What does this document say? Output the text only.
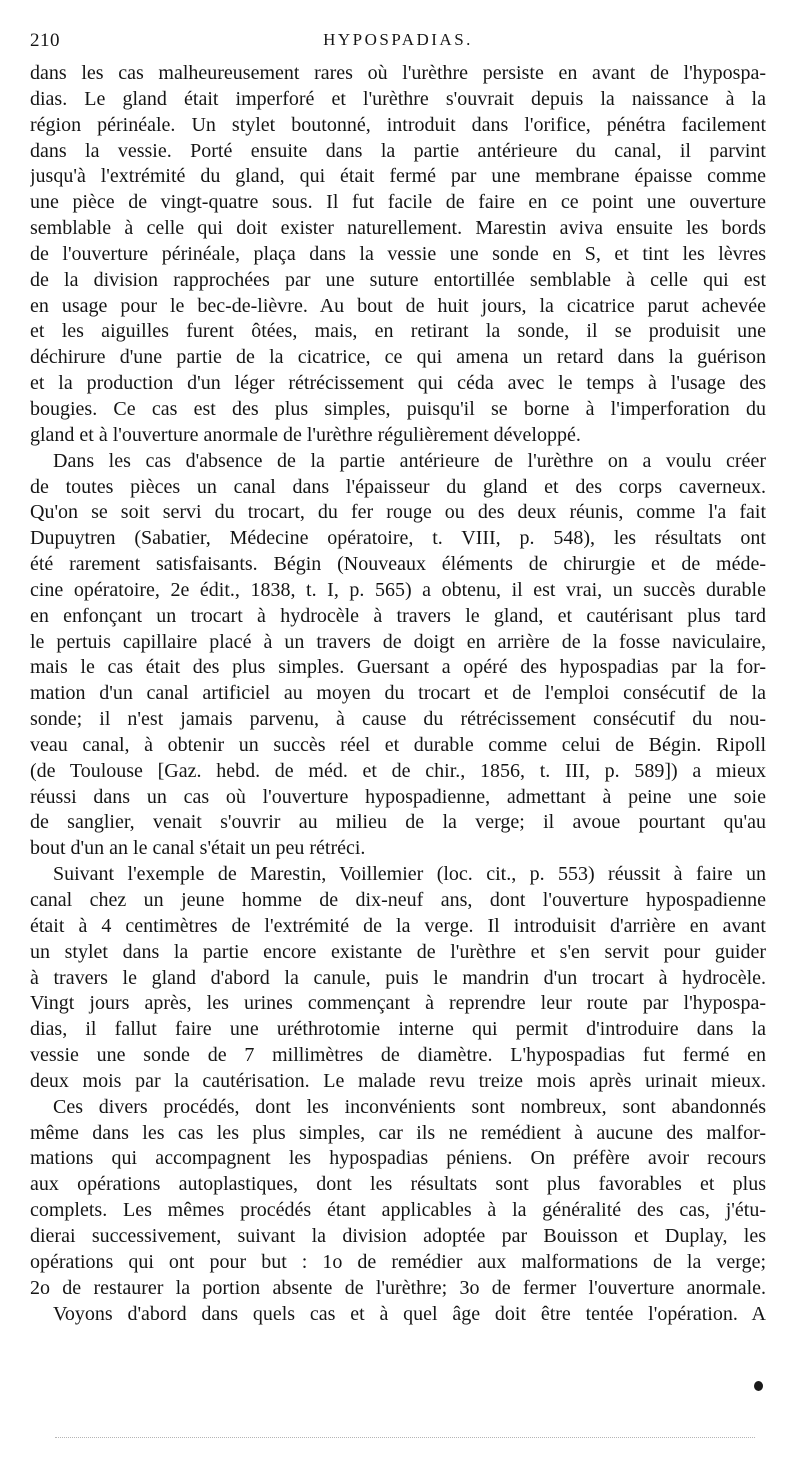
210	HYPOSPADIAS.
dans les cas malheureusement rares où l'urèthre persiste en avant de l'hypospa-
dias. Le gland était imperforé et l'urèthre s'ouvrait depuis la naissance à la
région périnéale. Un stylet boutonné, introduit dans l'orifice, pénétra facilement
dans la vessie. Porté ensuite dans la partie antérieure du canal, il parvint
jusqu'à l'extrémité du gland, qui était fermé par une membrane épaisse comme
une pièce de vingt-quatre sous. Il fut facile de faire en ce point une ouverture
semblable à celle qui doit exister naturellement. Marestin aviva ensuite les bords
de l'ouverture périnéale, plaça dans la vessie une sonde en S, et tint les lèvres
de la division rapprochées par une suture entortillée semblable à celle qui est
en usage pour le bec-de-lièvre. Au bout de huit jours, la cicatrice parut achevée
et les aiguilles furent ôtées, mais, en retirant la sonde, il se produisit une
déchirure d'une partie de la cicatrice, ce qui amena un retard dans la guérison
et la production d'un léger rétrécissement qui céda avec le temps à l'usage des
bougies. Ce cas est des plus simples, puisqu'il se borne à l'imperforation du
gland et à l'ouverture anormale de l'urèthre régulièrement développé.
Dans les cas d'absence de la partie antérieure de l'urèthre on a voulu créer
de toutes pièces un canal dans l'épaisseur du gland et des corps caverneux.
Qu'on se soit servi du trocart, du fer rouge ou des deux réunis, comme l'a fait
Dupuytren (Sabatier, Médecine opératoire, t. VIII, p. 548), les résultats ont
été rarement satisfaisants. Bégin (Nouveaux éléments de chirurgie et de méde-
cine opératoire, 2e édit., 1838, t. I, p. 565) a obtenu, il est vrai, un succès durable
en enfonçant un trocart à hydrocèle à travers le gland, et cautérisant plus tard
le pertuis capillaire placé à un travers de doigt en arrière de la fosse naviculaire,
mais le cas était des plus simples. Guersant a opéré des hypospadias par la for-
mation d'un canal artificiel au moyen du trocart et de l'emploi consécutif de la
sonde; il n'est jamais parvenu, à cause du rétrécissement consécutif du nou-
veau canal, à obtenir un succès réel et durable comme celui de Bégin. Ripoll
(de Toulouse [Gaz. hebd. de méd. et de chir., 1856, t. III, p. 589]) a mieux
réussi dans un cas où l'ouverture hypospadienne, admettant à peine une soie
de sanglier, venait s'ouvrir au milieu de la verge; il avoue pourtant qu'au
bout d'un an le canal s'était un peu rétréci.
Suivant l'exemple de Marestin, Voillemier (loc. cit., p. 553) réussit à faire un
canal chez un jeune homme de dix-neuf ans, dont l'ouverture hypospadienne
était à 4 centimètres de l'extrémité de la verge. Il introduisit d'arrière en avant
un stylet dans la partie encore existante de l'urèthre et s'en servit pour guider
à travers le gland d'abord la canule, puis le mandrin d'un trocart à hydrocèle.
Vingt jours après, les urines commençant à reprendre leur route par l'hypospa-
dias, il fallut faire une uréthrotomie interne qui permit d'introduire dans la
vessie une sonde de 7 millimètres de diamètre. L'hypospadias fut fermé en
deux mois par la cautérisation. Le malade revu treize mois après urinait mieux.
Ces divers procédés, dont les inconvénients sont nombreux, sont abandonnés
même dans les cas les plus simples, car ils ne remédient à aucune des malfor-
mations qui accompagnent les hypospadias péniens. On préfère avoir recours
aux opérations autoplastiques, dont les résultats sont plus favorables et plus
complets. Les mêmes procédés étant applicables à la généralité des cas, j'étu-
dierai successivement, suivant la division adoptée par Bouisson et Duplay, les
opérations qui ont pour but : 1o de remédier aux malformations de la verge;
2o de restaurer la portion absente de l'urèthre; 3o de fermer l'ouverture anormale.
Voyons d'abord dans quels cas et à quel âge doit être tentée l'opération. A
